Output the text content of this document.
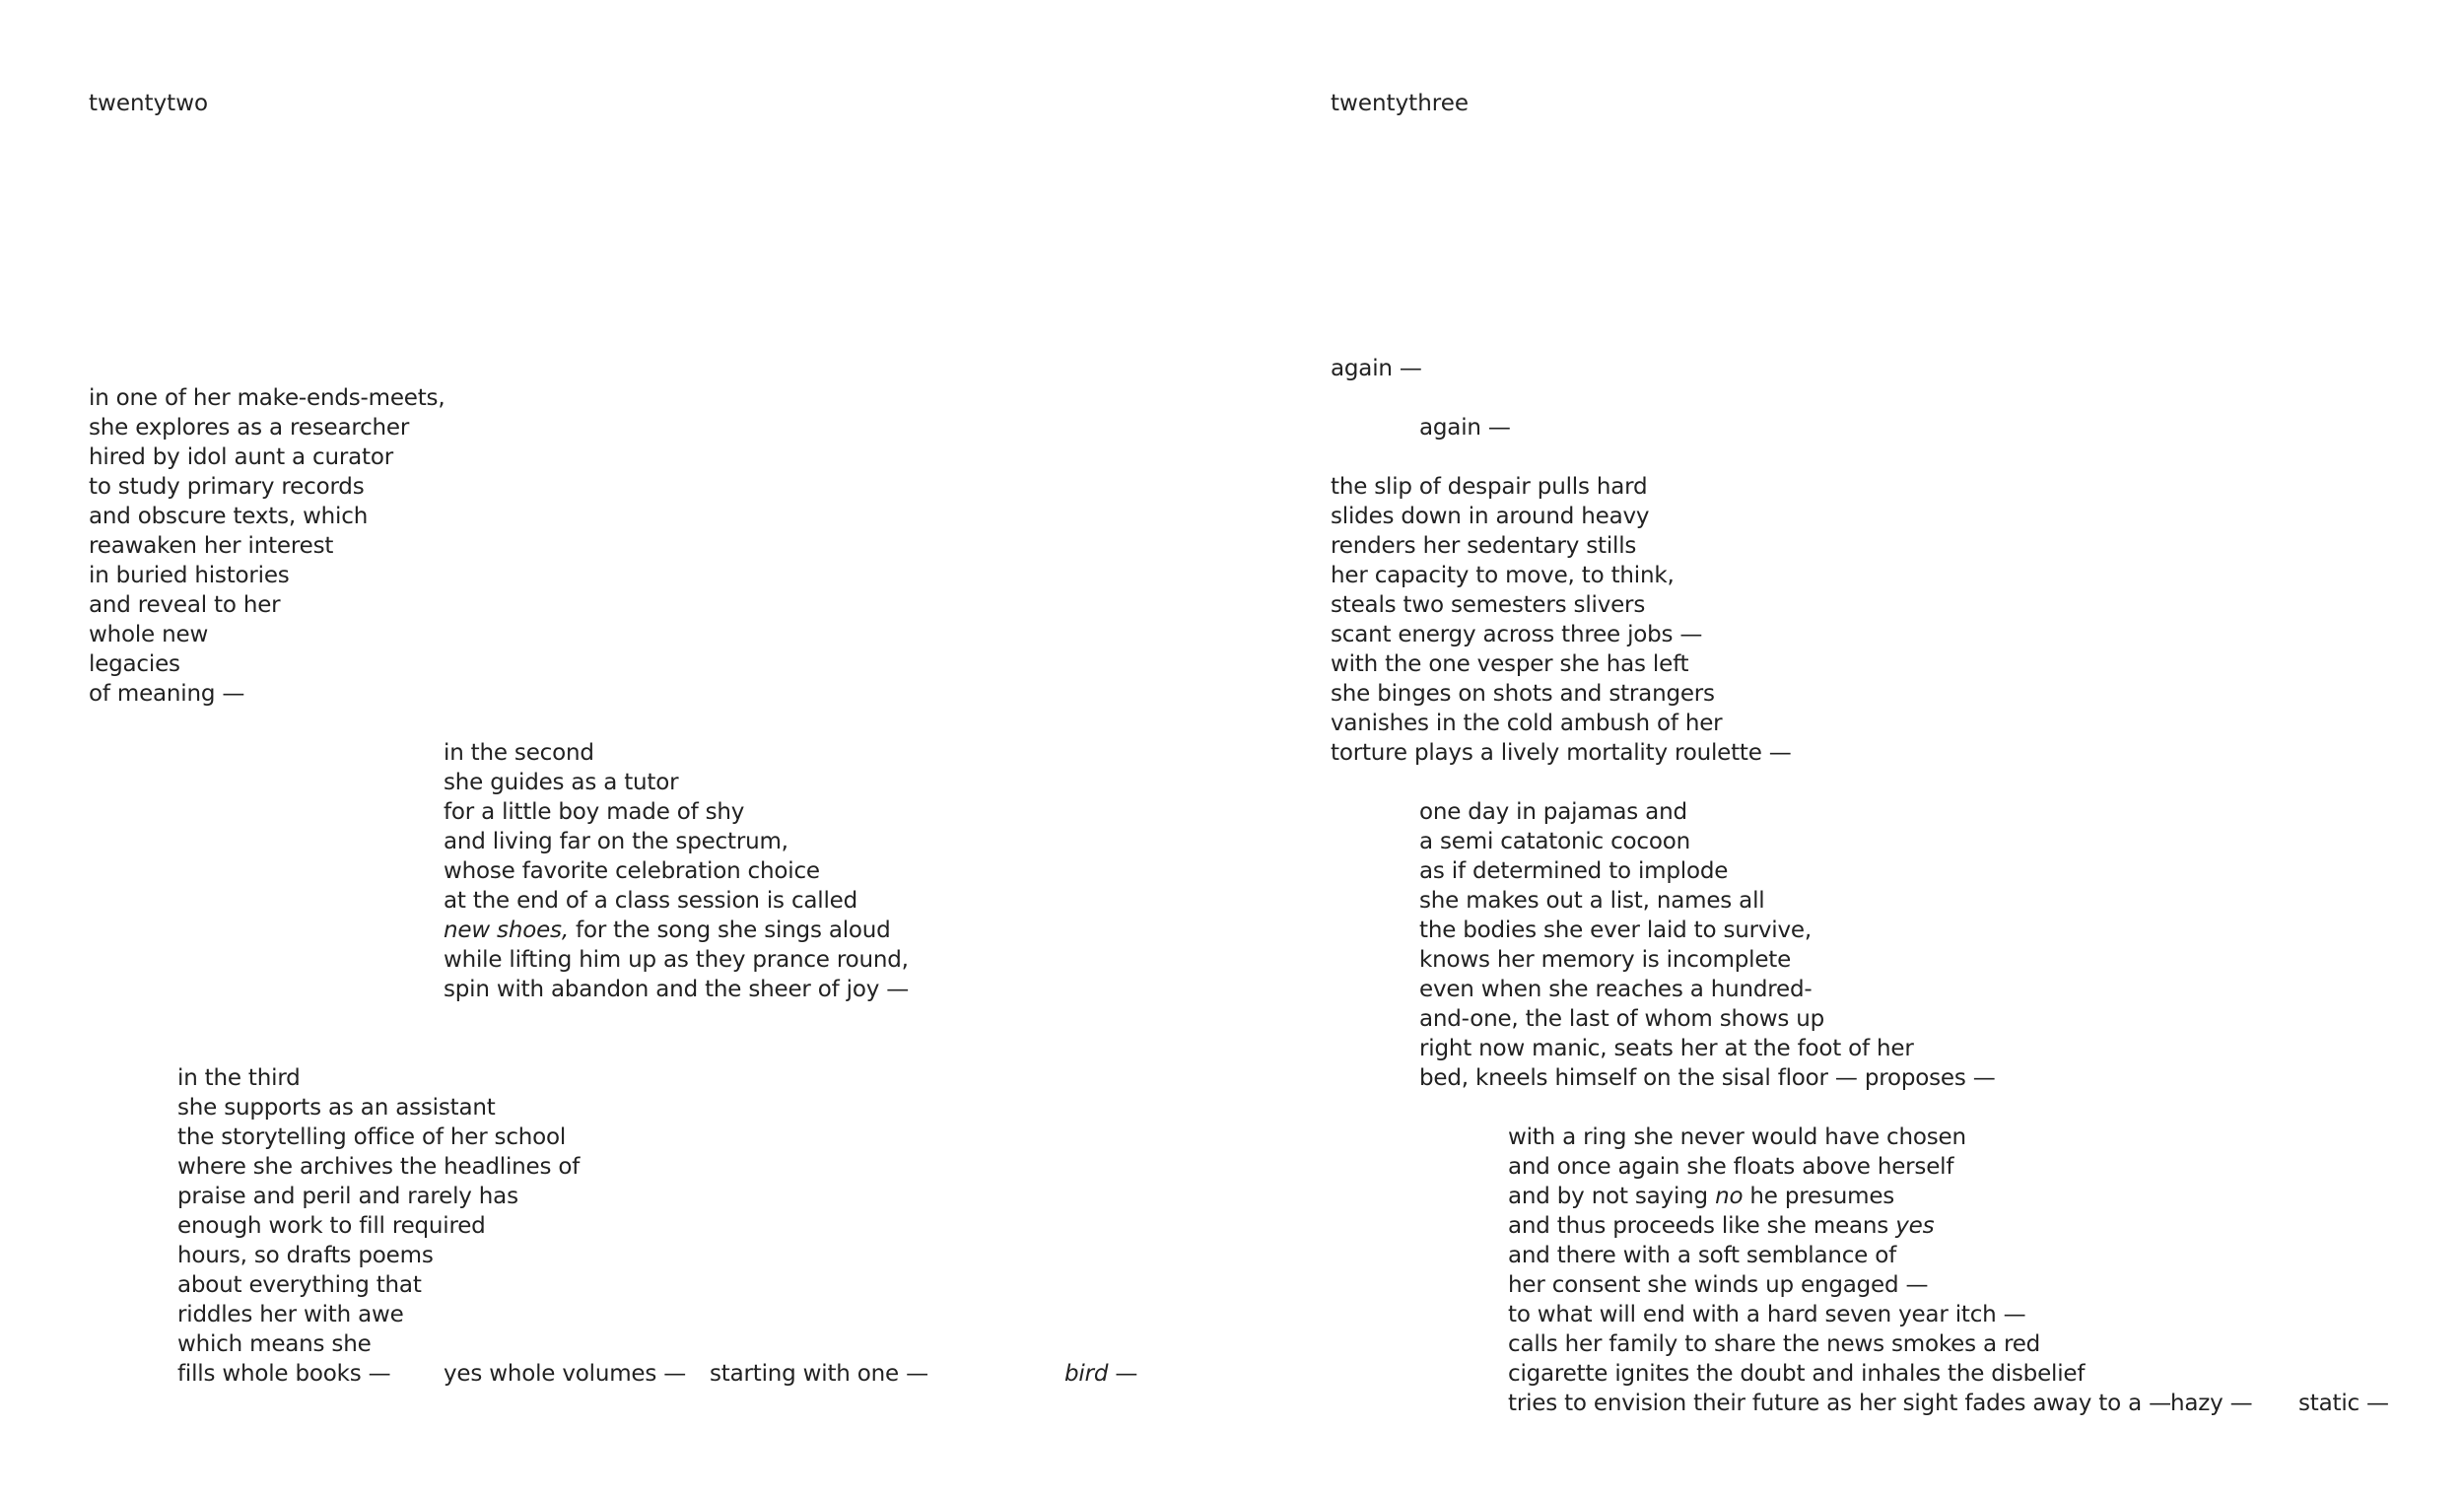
twentytwo
in one of her make-ends-meets,
she explores as a researcher
hired by idol aunt a curator
to study primary records
and obscure texts, which
reawaken her interest
in buried histories
and reveal to her
whole new
legacies
of meaning —
in the second
she guides as a tutor
for a little boy made of shy
and living far on the spectrum,
whose favorite celebration choice
at the end of a class session is called
new shoes, for the song she sings aloud
while lifting him up as they prance round,
spin with abandon and the sheer of joy —
in the third
she supports as an assistant
the storytelling office of her school
where she archives the headlines of
praise and peril and rarely has
enough work to fill required
hours, so drafts poems
about everything that
riddles her with awe
which means she
fills whole books — yes whole volumes — starting with one —	bird —
twentythree
again —
again —
the slip of despair pulls hard
slides down in around heavy
renders her sedentary stills
her capacity to move, to think,
steals two semesters slivers
scant energy across three jobs —
with the one vesper she has left
she binges on shots and strangers
vanishes in the cold ambush of her
torture plays a lively mortality roulette —
one day in pajamas and
a semi catatonic cocoon
as if determined to implode
she makes out a list, names all
the bodies she ever laid to survive,
knows her memory is incomplete
even when she reaches a hundred-
and-one, the last of whom shows up
right now manic, seats her at the foot of her
bed, kneels himself on the sisal floor — proposes —
with a ring she never would have chosen
and once again she floats above herself
and by not saying no he presumes
and thus proceeds like she means yes
and there with a soft semblance of
her consent she winds up engaged —
to what will end with a hard seven year itch —
calls her family to share the news smokes a red
cigarette ignites the doubt and inhales the disbelief
tries to envision their future as her sight fades away to a — hazy — static —
